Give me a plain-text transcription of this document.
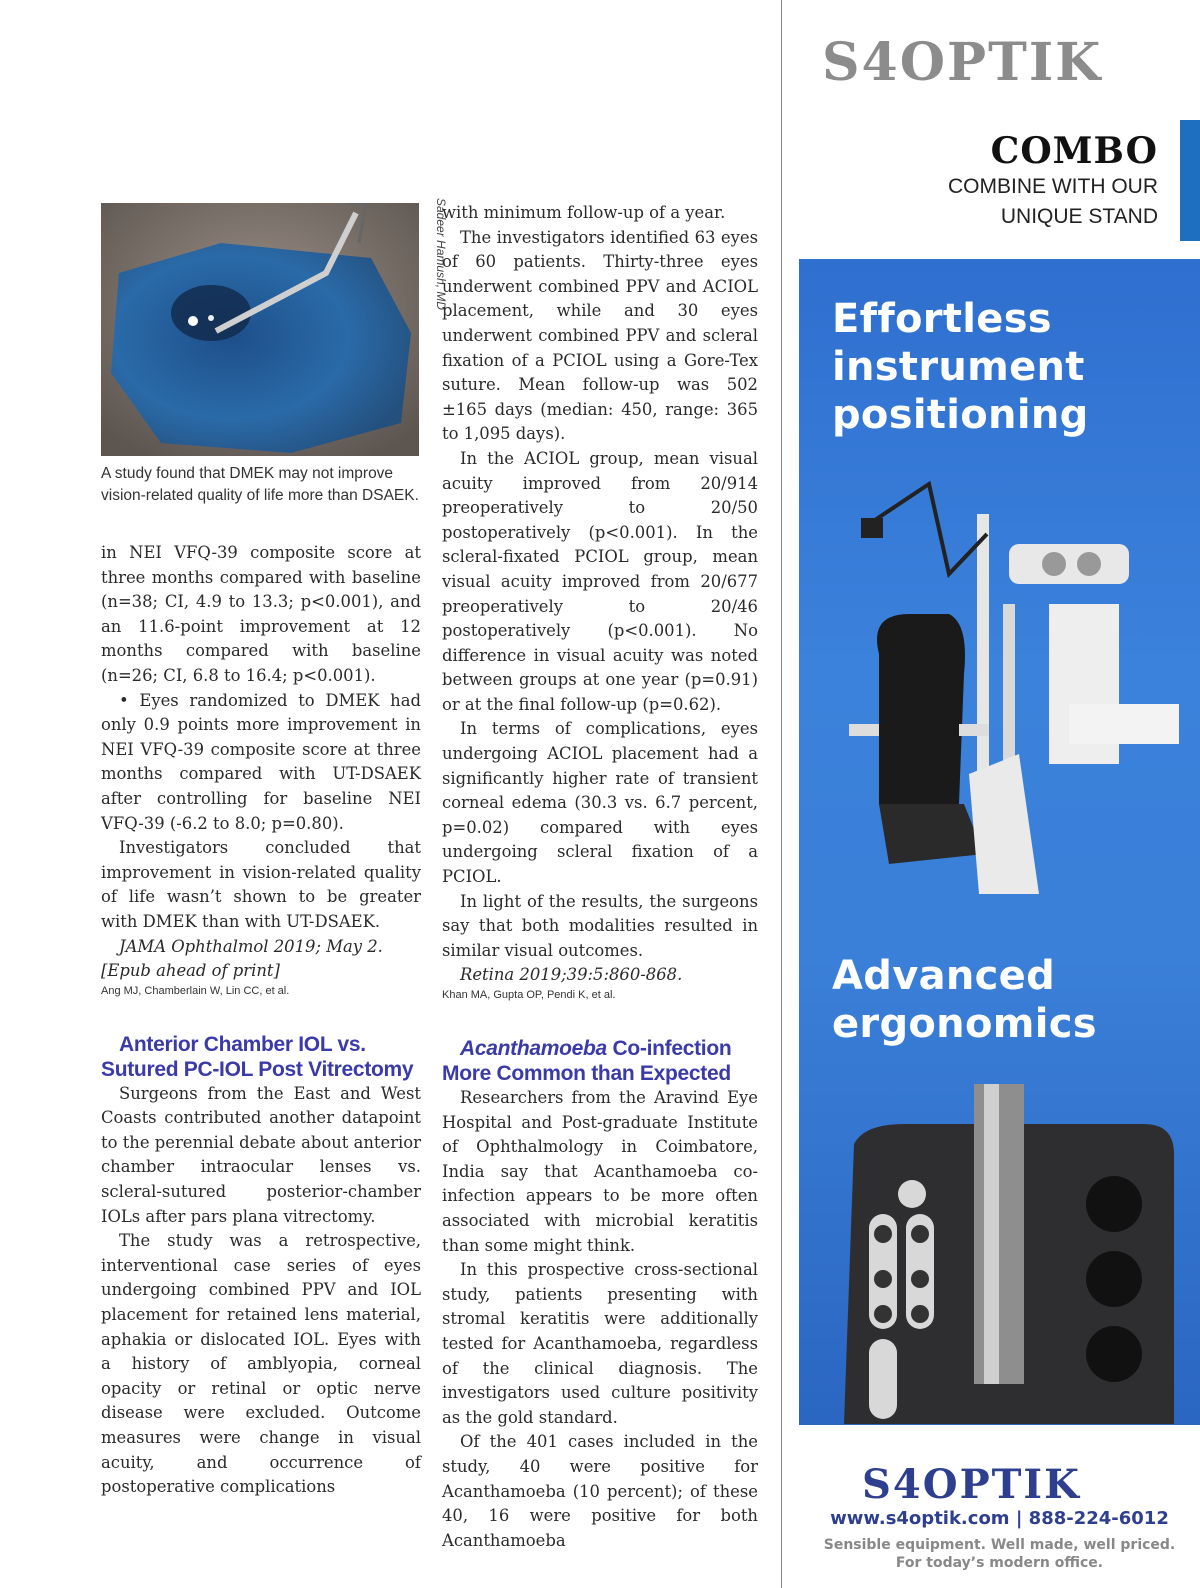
Sadeer Hamush, MD
A study found that DMEK may not improve vision-related quality of life more than DSAEK.

in NEI VFQ-39 composite score at three months compared with baseline (n=38; CI, 4.9 to 13.3; p<0.001), and an 11.6-point improvement at 12 months compared with baseline (n=26; CI, 6.8 to 16.4; p<0.001).

• Eyes randomized to DMEK had only 0.9 points more improvement in NEI VFQ-39 composite score at three months compared with UT-DSAEK after controlling for baseline NEI VFQ-39 (-6.2 to 8.0; p=0.80).

Investigators concluded that improvement in vision-related quality of life wasn’t shown to be greater with DMEK than with UT-DSAEK.

JAMA Ophthalmol 2019; May 2. [Epub ahead of print]

Ang MJ, Chamberlain W, Lin CC, et al.

Anterior Chamber IOL vs. Sutured PC-IOL Post Vitrectomy

Surgeons from the East and West Coasts contributed another datapoint to the perennial debate about anterior chamber intraocular lenses vs. scleral-sutured posterior-chamber IOLs after pars plana vitrectomy.

The study was a retrospective, interventional case series of eyes undergoing combined PPV and IOL placement for retained lens material, aphakia or dislocated IOL. Eyes with a history of amblyopia, corneal opacity or retinal or optic nerve disease were excluded. Outcome measures were change in visual acuity, and occurrence of postoperative complications

with minimum follow-up of a year.

The investigators identified 63 eyes of 60 patients. Thirty-three eyes underwent combined PPV and ACIOL placement, while and 30 eyes underwent combined PPV and scleral fixation of a PCIOL using a Gore-Tex suture. Mean follow-up was 502 ±165 days (median: 450, range: 365 to 1,095 days).

In the ACIOL group, mean visual acuity improved from 20/914 preoperatively to 20/50 postoperatively (p<0.001). In the scleral-fixated PCIOL group, mean visual acuity improved from 20/677 preoperatively to 20/46 postoperatively (p<0.001). No difference in visual acuity was noted between groups at one year (p=0.91) or at the final follow-up (p=0.62).

In terms of complications, eyes undergoing ACIOL placement had a significantly higher rate of transient corneal edema (30.3 vs. 6.7 percent, p=0.02) compared with eyes undergoing scleral fixation of a PCIOL.

In light of the results, the surgeons say that both modalities resulted in similar visual outcomes.

Retina 2019;39:5:860-868.

Khan MA, Gupta OP, Pendi K, et al.

Acanthamoeba Co-infection More Common than Expected

Researchers from the Aravind Eye Hospital and Post-graduate Institute of Ophthalmology in Coimbatore, India say that Acanthamoeba co-infection appears to be more often associated with microbial keratitis than some might think.

In this prospective cross-sectional study, patients presenting with stromal keratitis were additionally tested for Acanthamoeba, regardless of the clinical diagnosis. The investigators used culture positivity as the gold standard.

Of the 401 cases included in the study, 40 were positive for Acanthamoeba (10 percent); of these 40, 16 were positive for both Acanthamoeba

S4OPTIK
COMBO
COMBINE WITH OUR
UNIQUE STAND
Effortless
instrument
positioning
Advanced
ergonomics
S4OPTIK
www.s4optik.com | 888-224-6012
Sensible equipment. Well made, well priced.
For today’s modern office.
